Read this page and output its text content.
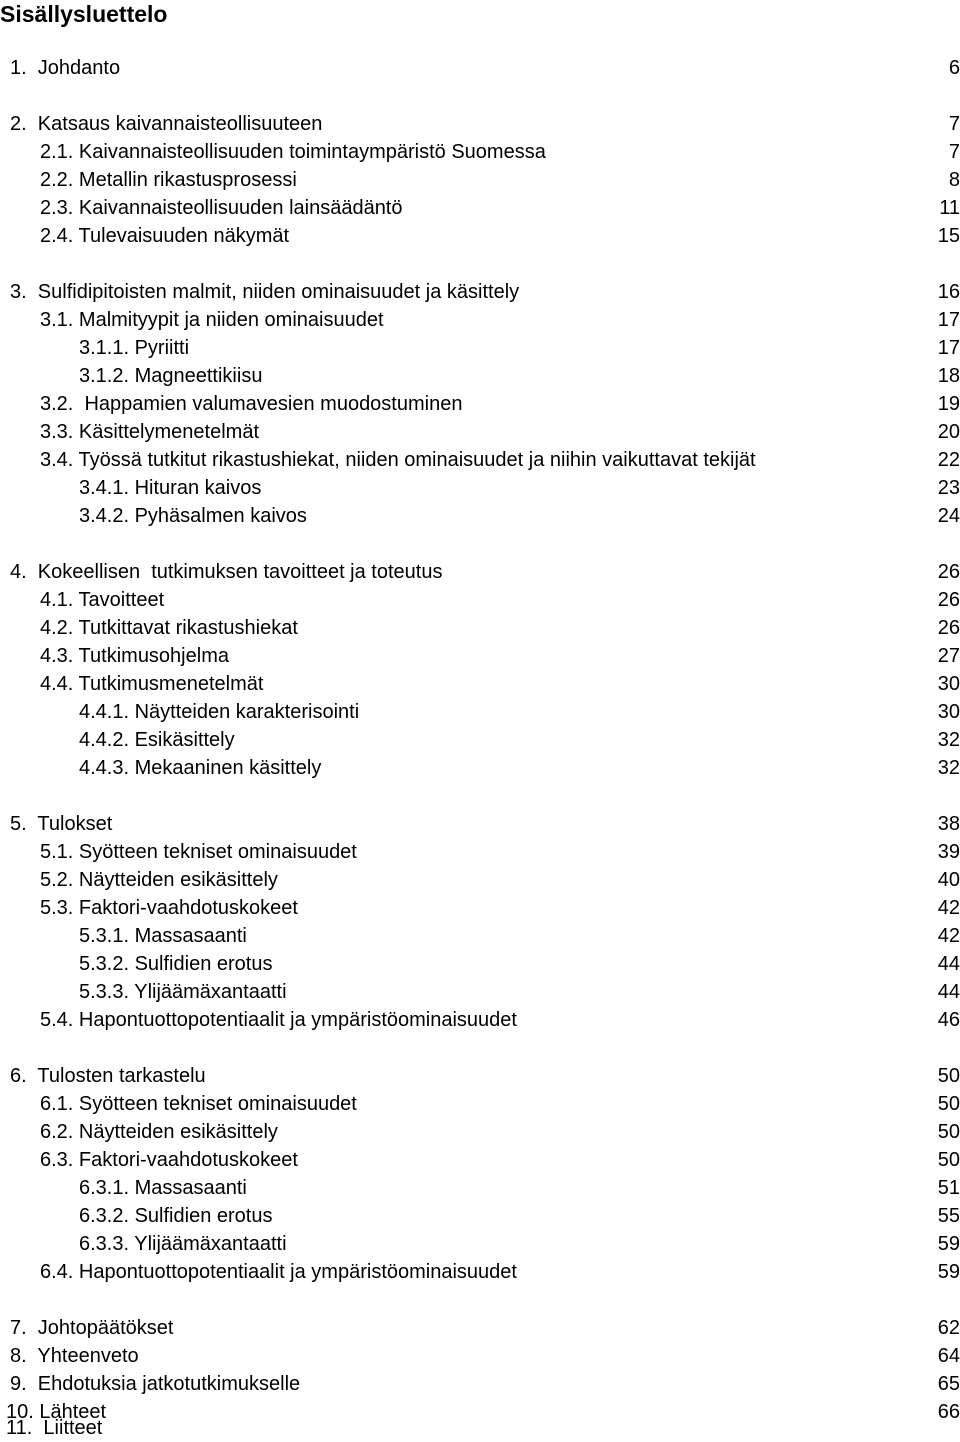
Sisällysluettelo
1.  Johdanto	6
2.  Katsaus kaivannaisteollisuuteen	7
2.1. Kaivannaisteollisuuden toimintaympäristö Suomessa	7
2.2. Metallin rikastusprosessi	8
2.3. Kaivannaisteollisuuden lainsäädäntö	11
2.4. Tulevaisuuden näkymät	15
3.  Sulfidipitoisten malmit, niiden ominaisuudet ja käsittely	16
3.1. Malmityypit ja niiden ominaisuudet	17
3.1.1. Pyriitti	17
3.1.2. Magneettikiisu	18
3.2.  Happamien valumavesien muodostuminen	19
3.3. Käsittelymenetelmät	20
3.4. Työssä tutkitut rikastushiekat, niiden ominaisuudet ja niihin vaikuttavat tekijät	22
3.4.1. Hituran kaivos	23
3.4.2. Pyhäsalmen kaivos	24
4.  Kokeellisen  tutkimuksen tavoitteet ja toteutus	26
4.1. Tavoitteet	26
4.2. Tutkittavat rikastushiekat	26
4.3. Tutkimusohjelma	27
4.4. Tutkimusmenetelmät	30
4.4.1. Näytteiden karakterisointi	30
4.4.2. Esikäsittely	32
4.4.3. Mekaaninen käsittely	32
5.  Tulokset	38
5.1. Syötteen tekniset ominaisuudet	39
5.2. Näytteiden esikäsittely	40
5.3. Faktori-vaahdotuskokeet	42
5.3.1. Massasaanti	42
5.3.2. Sulfidien erotus	44
5.3.3. Ylijäämäxantaatti	44
5.4. Hapontuottopotentiaalit ja ympäristöominaisuudet	46
6.  Tulosten tarkastelu	50
6.1. Syötteen tekniset ominaisuudet	50
6.2. Näytteiden esikäsittely	50
6.3. Faktori-vaahdotuskokeet	50
6.3.1. Massasaanti	51
6.3.2. Sulfidien erotus	55
6.3.3. Ylijäämäxantaatti	59
6.4. Hapontuottopotentiaalit ja ympäristöominaisuudet	59
7.  Johtopäätökset	62
8.  Yhteenveto	64
9.  Ehdotuksia jatkotutkimukselle	65
10. Lähteet	66
11.  Liitteet
